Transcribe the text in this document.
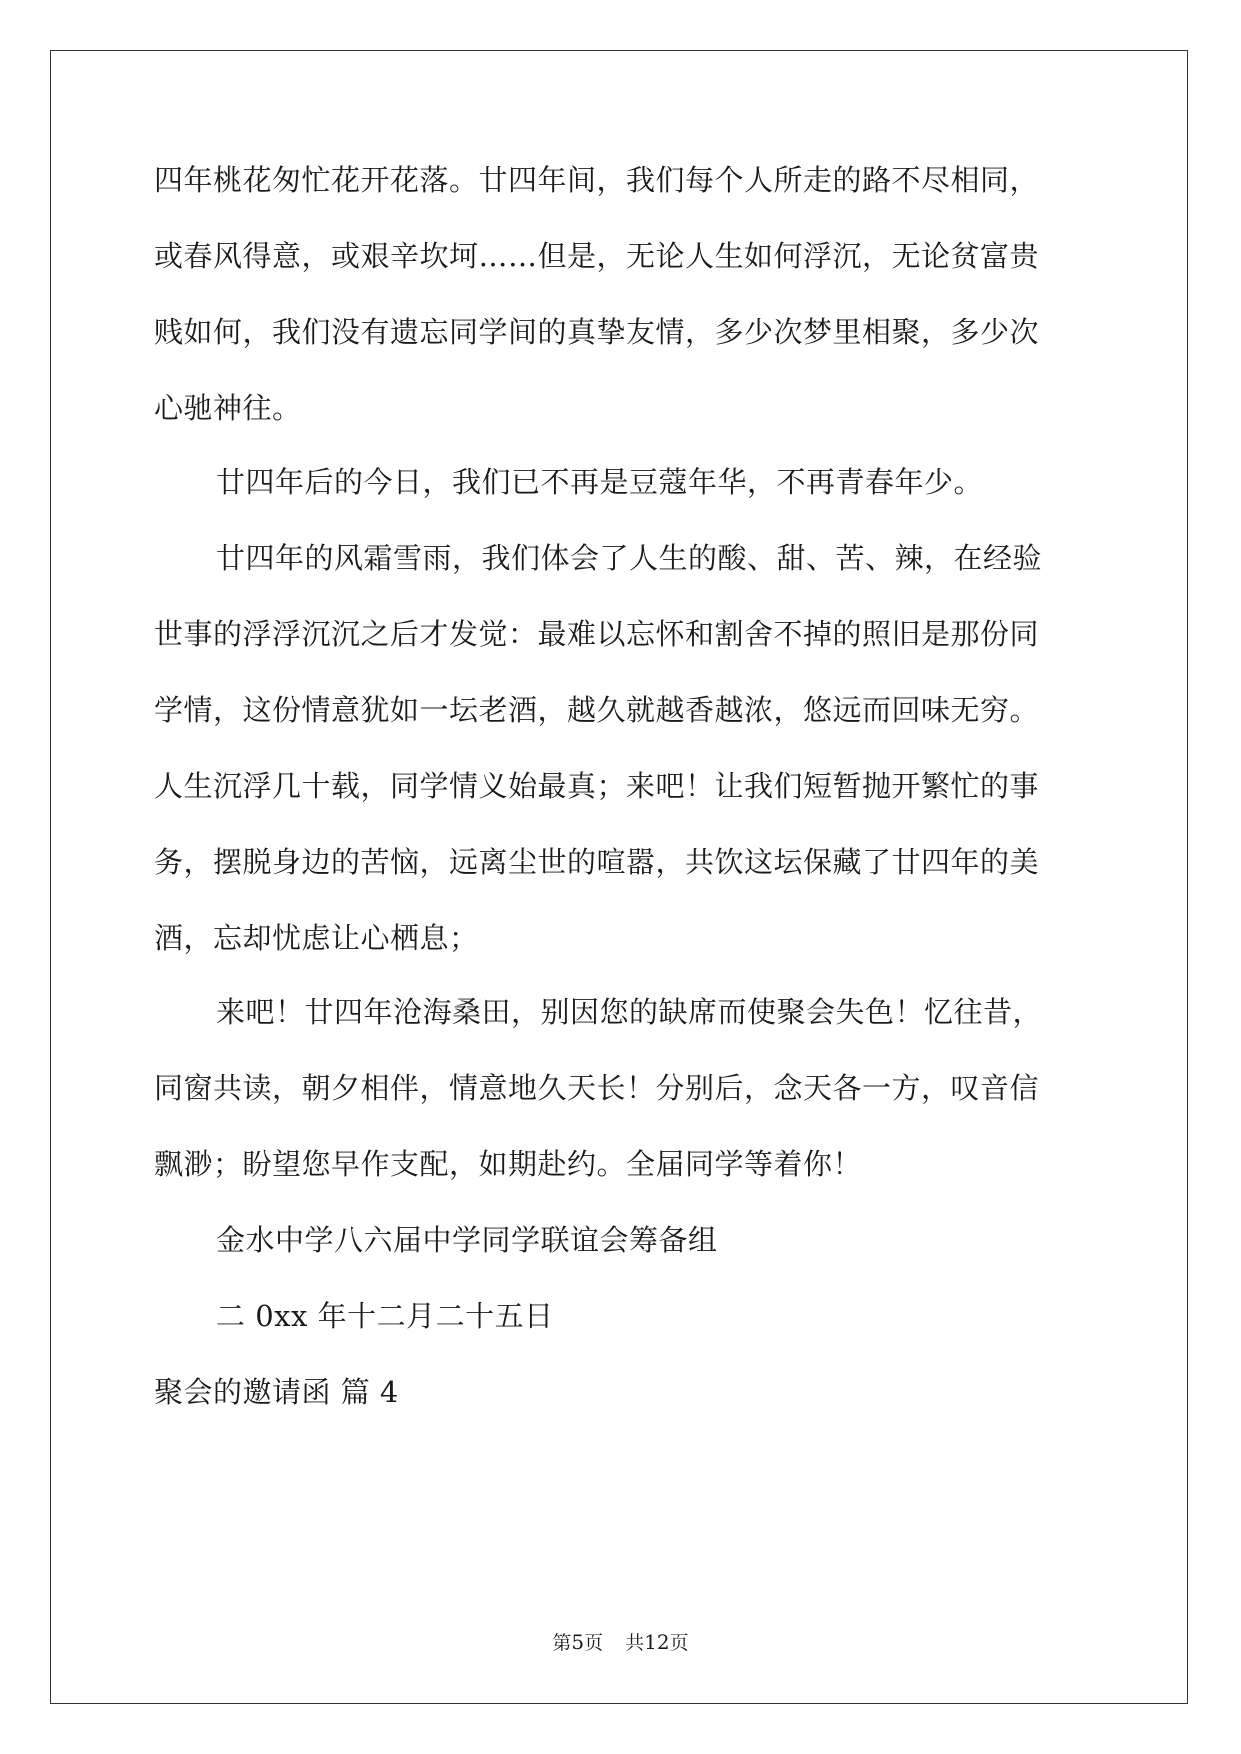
四年桃花匆忙花开花落。廿四年间，我们每个人所走的路不尽相同，
或春风得意，或艰辛坎坷……但是，无论人生如何浮沉，无论贫富贵
贱如何，我们没有遗忘同学间的真挚友情，多少次梦里相聚，多少次
心驰神往。
廿四年后的今日，我们已不再是豆蔻年华，不再青春年少。
廿四年的风霜雪雨，我们体会了人生的酸、甜、苦、辣，在经验
世事的浮浮沉沉之后才发觉：最难以忘怀和割舍不掉的照旧是那份同
学情，这份情意犹如一坛老酒，越久就越香越浓，悠远而回味无穷。
人生沉浮几十载，同学情义始最真；来吧！让我们短暂抛开繁忙的事
务，摆脱身边的苦恼，远离尘世的喧嚣，共饮这坛保藏了廿四年的美
酒，忘却忧虑让心栖息；
来吧！廿四年沧海桑田，别因您的缺席而使聚会失色！忆往昔，
同窗共读，朝夕相伴，情意地久天长！分别后，念天各一方，叹音信
飘渺；盼望您早作支配，如期赴约。全届同学等着你！
金水中学八六届中学同学联谊会筹备组
二 0xx 年十二月二十五日
聚会的邀请函 篇 4
第5页 共12页
